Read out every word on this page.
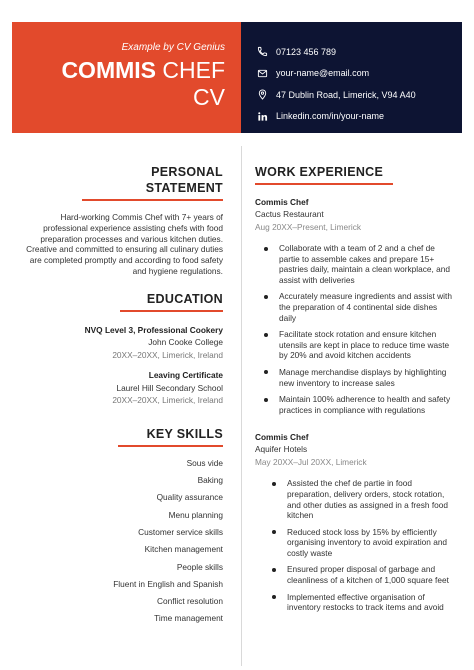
Example by CV Genius
COMMIS CHEF
CV
07123 456 789
your-name@email.com
47 Dublin Road, Limerick, V94 A40
Linkedin.com/in/your-name
PERSONAL STATEMENT

Hard-working Commis Chef with 7+ years of professional experience assisting chefs with food preparation processes and various kitchen duties. Creative and committed to ensuring all culinary duties are completed promptly and according to food safety and hygiene regulations.

EDUCATION
NVQ Level 3, Professional Cookery
John Cooke College
20XX–20XX, Limerick, Ireland
Leaving Certificate
Laurel Hill Secondary School
20XX–20XX, Limerick, Ireland
KEY SKILLS
Sous vide
Baking
Quality assurance
Menu planning
Customer service skills
Kitchen management
People skills
Fluent in English and Spanish
Conflict resolution
Time management
WORK EXPERIENCE
Commis Chef
Cactus Restaurant
Aug 20XX–Present, Limerick
Collaborate with a team of 2 and a chef de partie to assemble cakes and prepare 15+ pastries daily, maintain a clean workplace, and assist with deliveries
Accurately measure ingredients and assist with the preparation of 4 continental side dishes daily
Facilitate stock rotation and ensure kitchen utensils are kept in place to reduce time waste by 20% and avoid kitchen accidents
Manage merchandise displays by highlighting new inventory to increase sales
Maintain 100% adherence to health and safety practices in compliance with regulations
Commis Chef
Aquifer Hotels
May 20XX–Jul 20XX, Limerick
Assisted the chef de partie in food preparation, delivery orders, stock rotation, and other duties as assigned in a fresh food kitchen
Reduced stock loss by 15% by efficiently organising inventory to avoid expiration and costly waste
Ensured proper disposal of garbage and cleanliness of a kitchen of 1,000 square feet
Implemented effective organisation of inventory restocks to track items and avoid
